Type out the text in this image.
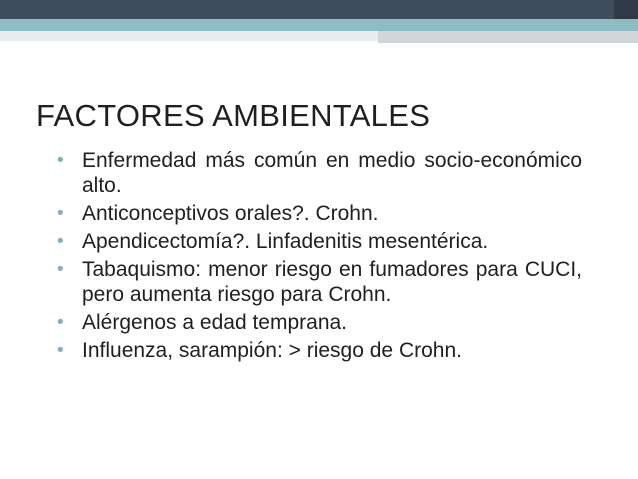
FACTORES AMBIENTALES
• Enfermedad más común en medio socio-económico alto.
• Anticonceptivos orales?. Crohn.
• Apendicectomía?. Linfadenitis mesentérica.
• Tabaquismo: menor riesgo en fumadores para CUCI, pero aumenta riesgo para Crohn.
• Alérgenos a edad temprana.
• Influenza, sarampión: > riesgo de Crohn.
